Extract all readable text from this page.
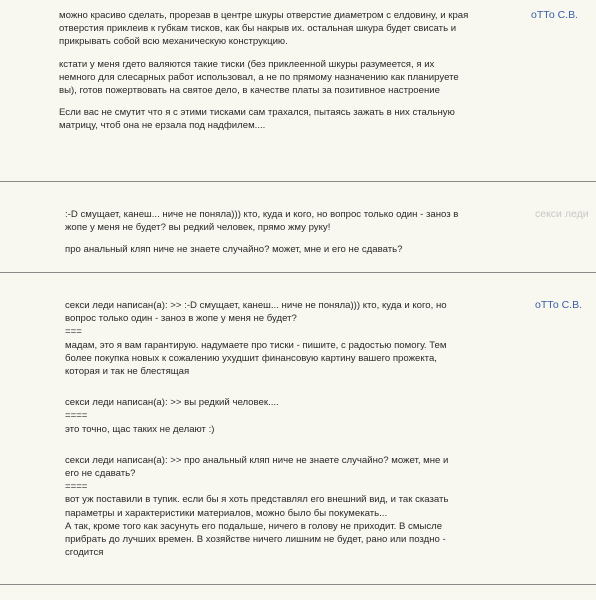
можно красиво сделать, прорезав в центре шкуры отверстие диаметром с елдовину, и края
отверстия приклеив к губкам тисков, как бы накрыв их. остальная шкура будет свисать и
прикрывать собой всю механическую конструкцию.

кстати у меня гдето валяются такие тиски (без приклеенной шкуры разумеется, я их
немного для слесарных работ использовал, а не по прямому назначению как планируете
вы), готов пожертвовать на святое дело, в качестве платы за позитивное настроение

Если вас не смутит что я с этими тисками сам трахался, пытаясь зажать в них стальную
матрицу, чтоб она не ерзала под надфилем....

оТТо С.В.

:-D смущает, канеш... ниче не поняла))) кто, куда и кого, но вопрос только один - заноз в
жопе у меня не будет? вы редкий человек, прямо жму руку!

про анальный кляп ниче не знаете случайно? может, мне и его не сдавать?

секси леди
секси леди написан(а): >> :-D смущает, канеш... ниче не поняла))) кто, куда и кого, но
вопрос только один - заноз в жопе у меня не будет?
===
мадам, это я вам гарантирую. надумаете про тиски - пишите, с радостью помогу. Тем
более покупка новых к сожалению ухудшит финансовую картину вашего прожекта,
которая и так не блестящая
секси леди написан(а): >> вы редкий человек....
====
это точно, щас таких не делают :)
секси леди написан(а): >> про анальный кляп ниче не знаете случайно? может, мне и
его не сдавать?
====
вот уж поставили в тупик. если бы я хоть представлял его внешний вид, и так сказать
параметры и характеристики материалов, можно было бы покумекать...
А так, кроме того как засунуть его подальше, ничего в голову не приходит. В смысле
прибрать до лучших времен. В хозяйстве ничего лишним не будет, рано или поздно -
сгодится
оТТо С.В.
